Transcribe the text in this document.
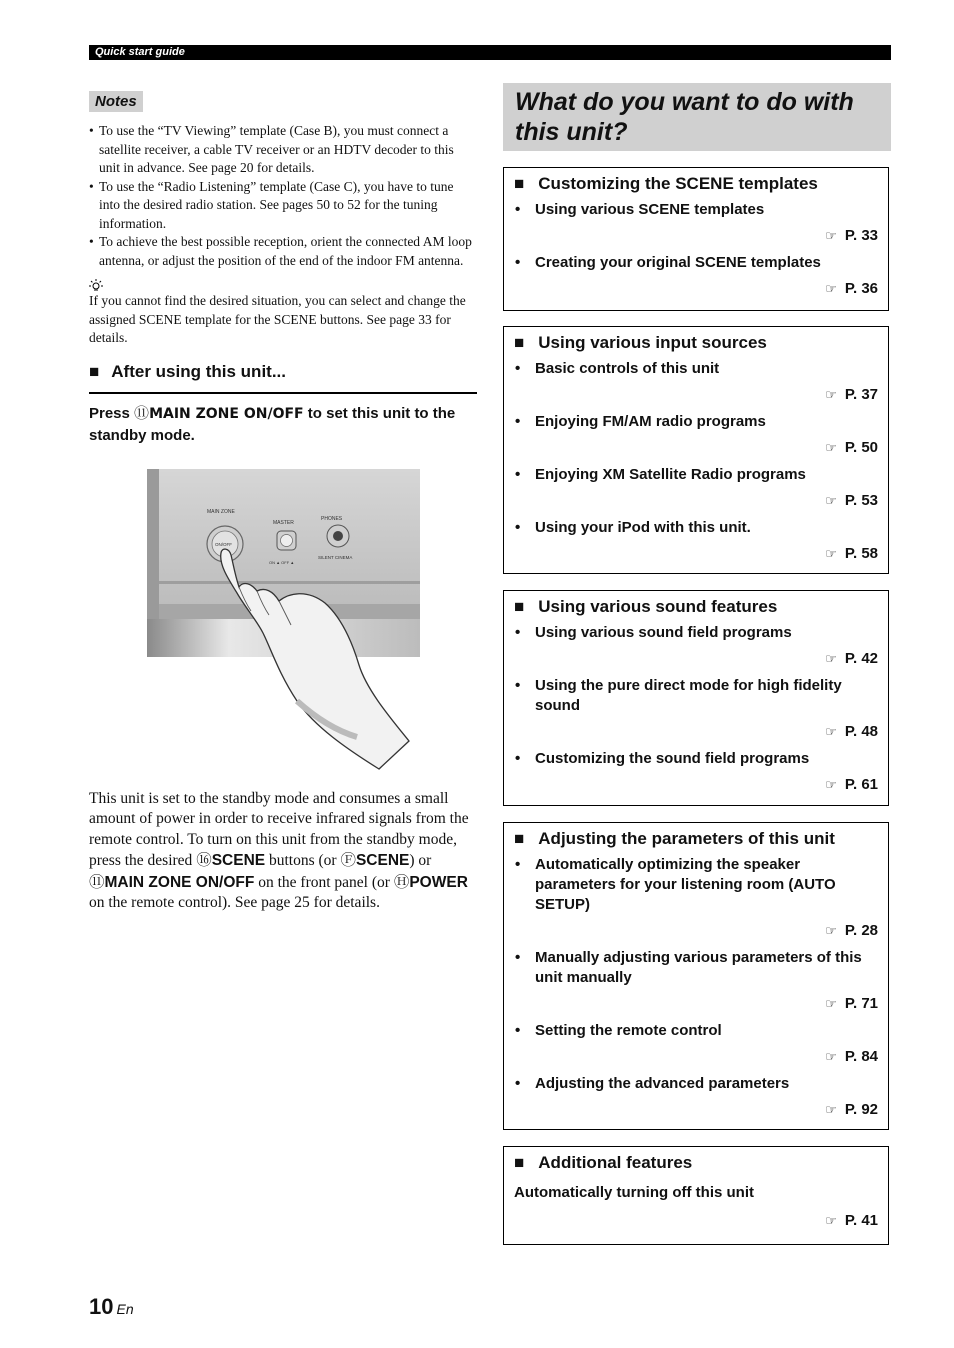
Quick start guide
Notes
• To use the “TV Viewing” template (Case B), you must connect a satellite receiver, a cable TV receiver or an HDTV decoder to this unit in advance. See page 20 for details.
• To use the “Radio Listening” template (Case C), you have to tune into the desired radio station. See pages 50 to 52 for the tuning information.
• To achieve the best possible reception, orient the connected AM loop antenna, or adjust the position of the end of the indoor FM antenna.
If you cannot find the desired situation, you can select and change the assigned SCENE template for the SCENE buttons. See page 33 for details.
■ After using this unit...
Press ⑪MAIN ZONE ON/OFF to set this unit to the standby mode.
MAIN ZONE
ON/OFF
MASTER
ON ▲ OFF ▲
PHONES
SILENT CINEMA
This unit is set to the standby mode and consumes a small amount of power in order to receive infrared signals from the remote control. To turn on this unit from the standby mode, press the desired ⑯SCENE buttons (or ⒻSCENE) or ⑪MAIN ZONE ON/OFF on the front panel (or ⒽPOWER on the remote control). See page 25 for details.
What do you want to do with this unit?
■ Customizing the SCENE templates
• Using various SCENE templates
☞ P. 33
• Creating your original SCENE templates
☞ P. 36
■ Using various input sources
• Basic controls of this unit
☞ P. 37
• Enjoying FM/AM radio programs
☞ P. 50
• Enjoying XM Satellite Radio programs
☞ P. 53
• Using your iPod with this unit.
☞ P. 58
■ Using various sound features
• Using various sound field programs
☞ P. 42
• Using the pure direct mode for high fidelity sound
☞ P. 48
• Customizing the sound field programs
☞ P. 61
■ Adjusting the parameters of this unit
• Automatically optimizing the speaker parameters for your listening room (AUTO SETUP)
☞ P. 28
• Manually adjusting various parameters of this unit manually
☞ P. 71
• Setting the remote control
☞ P. 84
• Adjusting the advanced parameters
☞ P. 92
■ Additional features
Automatically turning off this unit
☞ P. 41
10 En
